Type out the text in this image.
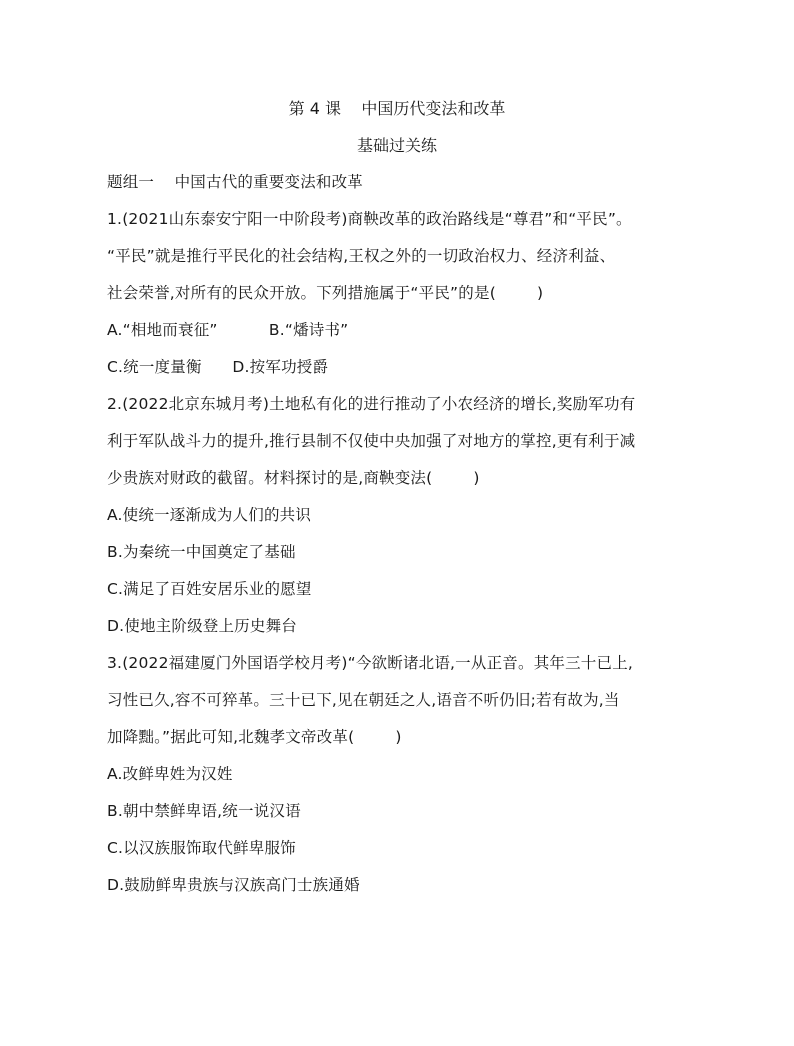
第 4 课    中国历代变法和改革
基础过关练
题组一    中国古代的重要变法和改革
1.(2021山东泰安宁阳一中阶段考)商鞅改革的政治路线是“尊君”和“平民”。
“平民”就是推行平民化的社会结构,王权之外的一切政治权力、经济利益、
社会荣誉,对所有的民众开放。下列措施属于“平民”的是(        )
A.“相地而衰征”          B.“燔诗书”
C.统一度量衡      D.按军功授爵
2.(2022北京东城月考)土地私有化的进行推动了小农经济的增长,奖励军功有
利于军队战斗力的提升,推行县制不仅使中央加强了对地方的掌控,更有利于减
少贵族对财政的截留。材料探讨的是,商鞅变法(        )
A.使统一逐渐成为人们的共识
B.为秦统一中国奠定了基础
C.满足了百姓安居乐业的愿望
D.使地主阶级登上历史舞台
3.(2022福建厦门外国语学校月考)“今欲断诸北语,一从正音。其年三十已上,
习性已久,容不可猝革。三十已下,见在朝廷之人,语音不听仍旧;若有故为,当
加降黜。”据此可知,北魏孝文帝改革(        )
A.改鲜卑姓为汉姓
B.朝中禁鲜卑语,统一说汉语
C.以汉族服饰取代鲜卑服饰
D.鼓励鲜卑贵族与汉族高门士族通婚
